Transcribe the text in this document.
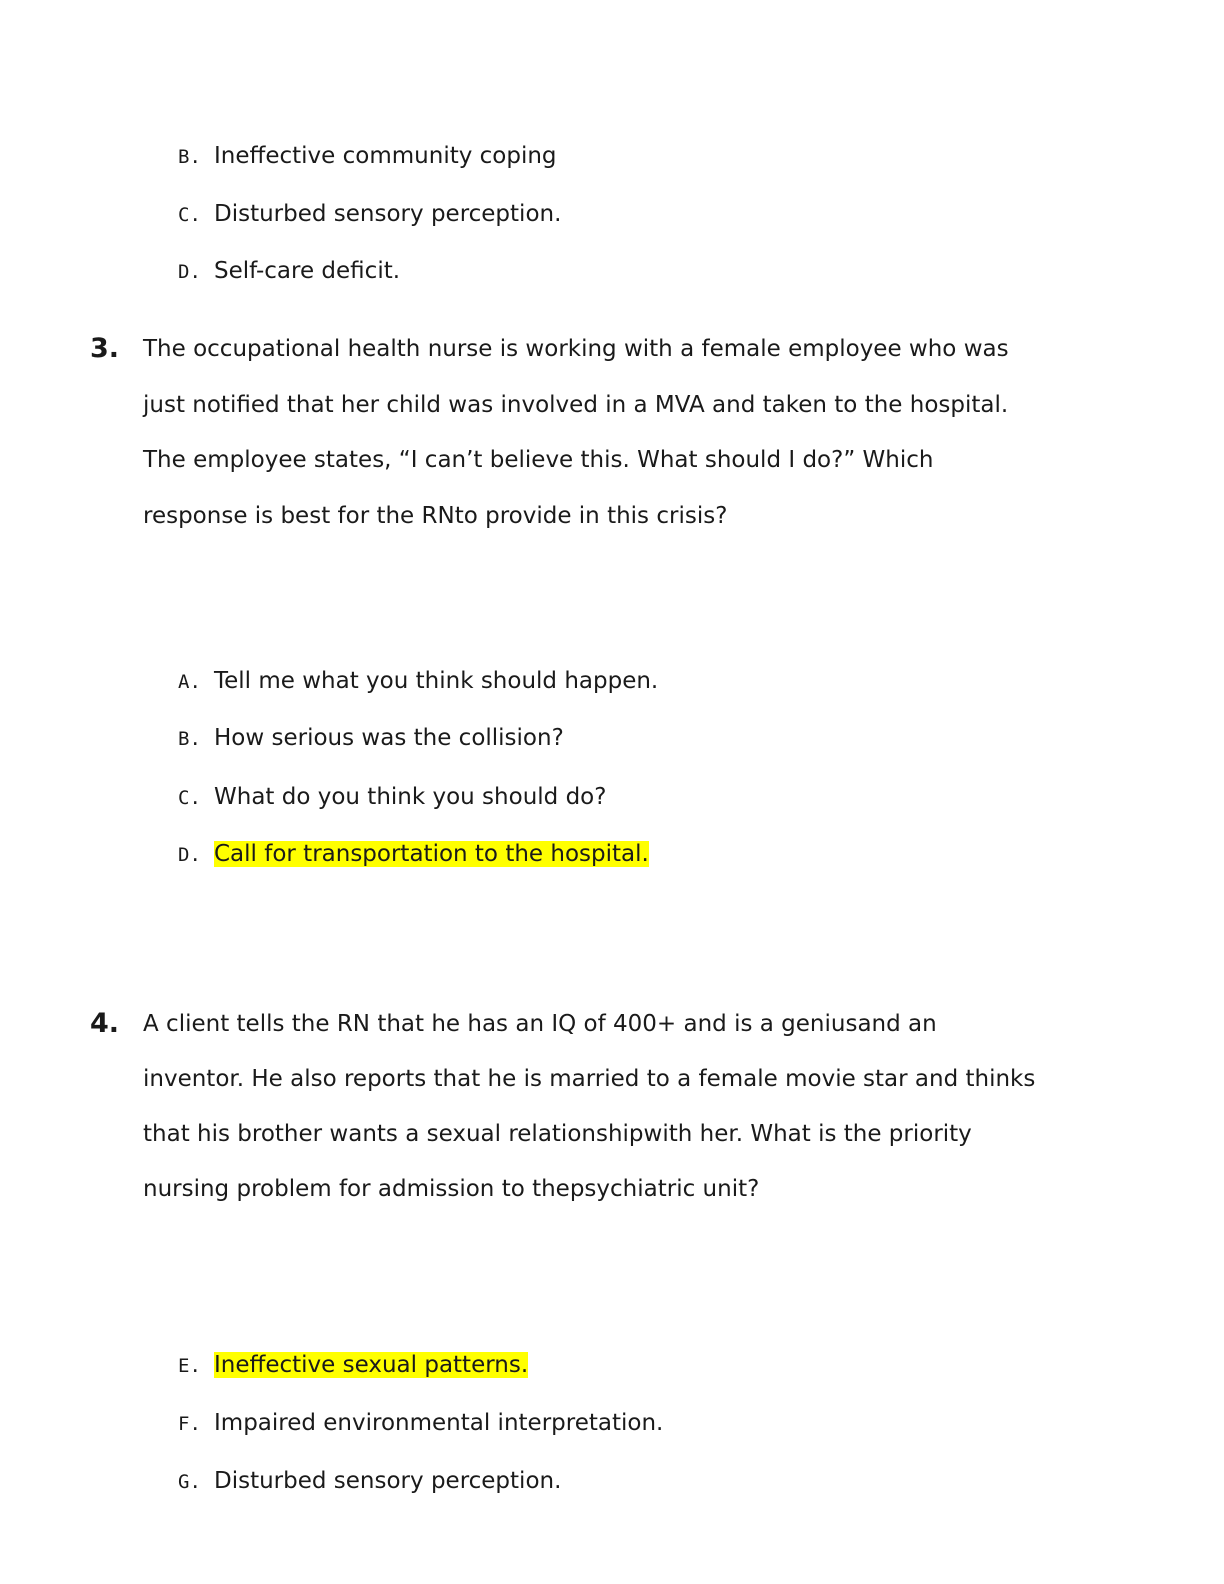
B. Ineffective community coping
C. Disturbed sensory perception.
D. Self-care deficit.
3. The occupational health nurse is working with a female employee who was
just notified that her child was involved in a MVA and taken to the hospital.
The employee states, “I can’t believe this. What should I do?” Which
response is best for the RNto provide in this crisis?
A. Tell me what you think should happen.
B. How serious was the collision?
C. What do you think you should do?
D. Call for transportation to the hospital.
4. A client tells the RN that he has an IQ of 400+ and is a geniusand an
inventor. He also reports that he is married to a female movie star and thinks
that his brother wants a sexual relationshipwith her. What is the priority
nursing problem for admission to thepsychiatric unit?
E. Ineffective sexual patterns.
F. Impaired environmental interpretation.
G. Disturbed sensory perception.
